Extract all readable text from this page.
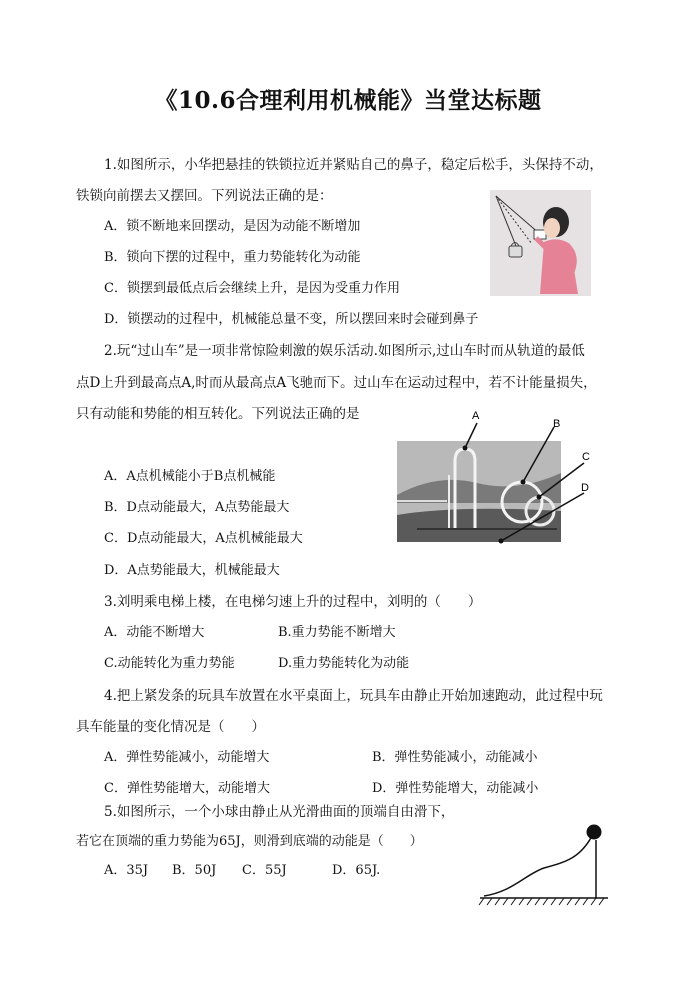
《10.6合理利用机械能》当堂达标题
1.如图所示，小华把悬挂的铁锁拉近并紧贴自己的鼻子，稳定后松手，头保持不动，
铁锁向前摆去又摆回。下列说法正确的是：
A．锁不断地来回摆动，是因为动能不断增加
B．锁向下摆的过程中，重力势能转化为动能
C．锁摆到最低点后会继续上升，是因为受重力作用
D．锁摆动的过程中，机械能总量不变，所以摆回来时会碰到鼻子
2.玩“过山车”是一项非常惊险刺激的娱乐活动.如图所示,过山车时而从轨道的最低
点D上升到最高点A,时而从最高点A飞驰而下。过山车在运动过程中，若不计能量损失，
只有动能和势能的相互转化。下列说法正确的是
A．A点机械能小于B点机械能
B．D点动能最大，A点势能最大
C．D点动能最大，A点机械能最大
D．A点势能最大，机械能最大
A
B
C
D
3.刘明乘电梯上楼，在电梯匀速上升的过程中，刘明的（　　）
A．动能不断增大	B.重力势能不断增大
C.动能转化为重力势能	D.重力势能转化为动能
4.把上紧发条的玩具车放置在水平桌面上，玩具车由静止开始加速跑动，此过程中玩
具车能量的变化情况是（　　）
A．弹性势能减小，动能增大	B．弹性势能减小，动能减小
C．弹性势能增大，动能增大	D．弹性势能增大，动能减小
5.如图所示，一个小球由静止从光滑曲面的顶端自由滑下，
若它在顶端的重力势能为65J，则滑到底端的动能是（　　）
A．35J B．50J C．55J	D．65J.
